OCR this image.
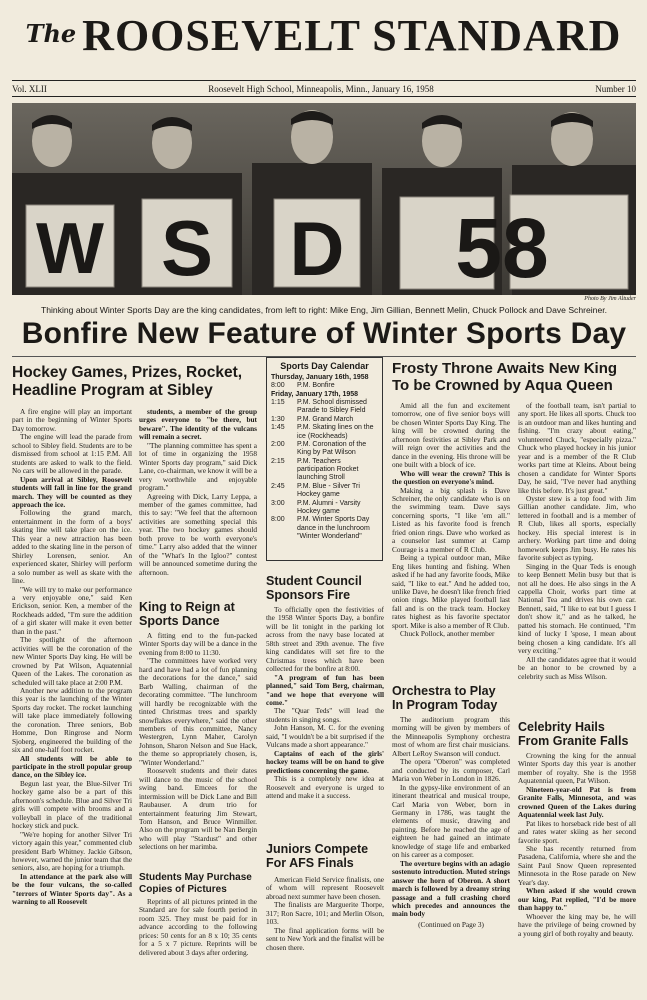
The ROOSEVELT STANDARD
Vol. XLII	Roosevelt High School, Minneapolis, Minn., January 16, 1958	Number 10
W S D 58
Photo By Jim Altuder
Thinking about Winter Sports Day are the king candidates, from left to right: Mike Eng, Jim Gillian, Bennett Melin, Chuck Pollock and Dave Schreiner.
Bonfire New Feature of Winter Sports Day
Hockey Games, Prizes, Rocket, Headline Program at Sibley

A fire engine will play an important part in the beginning of Winter Sports Day tomorrow.

The engine will lead the parade from school to Sibley field. Students are to be dismissed from school at 1:15 P.M. All students are asked to walk to the field. No cars will be allowed in the parade.

Upon arrival at Sibley, Roosevelt students will fall in line for the grand march. They will be counted as they approach the ice.

Following the grand march, entertainment in the form of a boys' skating line will take place on the ice. This year a new attraction has been added to the skating line in the person of Shirley Lorensen, senior. An experienced skater, Shirley will perform a solo number as well as skate with the line.

"We will try to make our performance a very enjoyable one," said Ken Erickson, senior. Ken, a member of the Rockheads added, "I'm sure the addition of a girl skater will make it even better than in the past."

The spotlight of the afternoon activities will be the coronation of the new Winter Sports Day king. He will be crowned by Pat Wilson, Aquatennial Queen of the Lakes. The coronation as scheduled will take place at 2:00 P.M.

Another new addition to the program this year is the launching of the Winter Sports day rocket. The rocket launching will take place immediately following the coronation. Three seniors, Bob Homme, Don Ringrose and Norm Sjoberg, engineered the building of the six and one-half foot rocket.

All students will be able to participate in the stroll popular group dance, on the Sibley ice.

Begun last year, the Blue-Silver Tri hockey game also be a part of this afternoon's schedule. Blue and Silver Tri girls will compete with brooms and a volleyball in place of the traditional hockey stick and puck.

"We're hoping for another Silver Tri victory again this year," commented club president Barb Whitney. Jackie Gibson, however, warned the junior team that the seniors, also, are hoping for a triumph.

In attendance at the park also will be the four vulcans, the so-called "terrors of Winter Sports day". As a warning to all Roosevelt

students, a member of the group urges everyone to "be there, but beware". The identity of the vulcans will remain a secret.

"The planning committee has spent a lot of time in organizing the 1958 Winter Sports day program," said Dick Lane, co-chairman, we know it will be a very worthwhile and enjoyable program."

Agreeing with Dick, Larry Leppa, a member of the games committee, had this to say: "We feel that the afternoon activities are something special this year. The two hockey games should both prove to be worth everyone's time." Larry also added that the winner of the "What's In the Igloo?" contest will be announced sometime during the afternoon.

King to Reign at Sports Dance

A fitting end to the fun-packed Winter Sports day will be a dance in the evening from 8:00 to 11:30.

"The committees have worked very hard and have had a lot of fun planning the decorations for the dance," said Barb Walling, chairman of the decorating committee. "The lunchroom will hardly be recognizable with the tinted Christmas trees and sparkly snowflakes everywhere," said the other members of this committee, Nancy Westergren, Lynn Maher, Carolyn Johnson, Sharon Nelson and Sue Hack, the theme so appropriately chosen, is, "Winter Wonderland."

Roosevelt students and their dates will dance to the music of the school swing band. Emcees for the intermission will be Dick Lane and Bill Raubauser. A drum trio for entertainment featuring Jim Stewart, Tom Hanson, and Bruce Winmiller. Also on the program will be Nan Bergin who will play "Stardust" and other selections on her marimba.

Students May Purchase Copies of Pictures

Reprints of all pictures printed in the Standard are for sale fourth period in room 325. They must be paid for in advance according to the following prices: 50 cents for an 8 x 10; 35 cents for a 5 x 7 picture. Reprints will be delivered about 3 days after ordering.

Sports Day Calendar
Thursday, January 16th, 1958
8:00	P.M. Bonfire
Friday, January 17th, 1958
1:15	P.M. School dismissed Parade to Sibley Field
1:30	P.M. Grand March
1:45	P.M. Skating lines on the ice (Rockheads)
2:00	P.M. Coronation of the King by Pat Wilson
2:15	P.M. Teachers participation Rocket launching Stroll
2:45	P.M. Blue - Silver Tri Hockey game
3:00	P.M. Alumni - Varsity Hockey game
8:00	P.M. Winter Sports Day dance in the lunchroom "Winter Wonderland"
Student Council Sponsors Fire

To officially open the festivities of the 1958 Winter Sports Day, a bonfire will be lit tonight in the parking lot across from the navy base located at 58th street and 39th avenue. The five king candidates will set fire to the Christmas trees which have been collected for the bonfire at 8:00.

"A program of fun has been planned," said Tom Berg, chairman, "and we hope that everyone will come."

The "Quar Teds" will lead the students in singing songs.

John Hanson, M. C. for the evening said, "I wouldn't be a bit surprised if the Vulcans made a short appearance."

Captains of each of the girls' hockey teams will be on hand to give predictions concerning the game.

This is a completely new idea at Roosevelt and everyone is urged to attend and make it a success.

Juniors Compete For AFS Finals

American Field Service finalists, one of whom will represent Roosevelt abroad next summer have been chosen.

The finalists are Marguerite Thorpe, 317; Ron Sacre, 101; and Merlin Olson, 103.

The final application forms will be sent to New York and the finalist will be chosen there.

Frosty Throne Awaits New King To be Crowned by Aqua Queen

Amid all the fun and excitement tomorrow, one of five senior boys will be chosen Winter Sports Day King. The king will be crowned during the afternoon festivities at Sibley Park and will reign over the activities and the dance in the evening. His throne will be one built with a block of ice.

Who will wear the crown? This is the question on everyone's mind.

Making a big splash is Dave Schreiner, the only candidate who is on the swimming team. Dave says concerning sports, "I like 'em all." Listed as his favorite food is french fried onion rings. Dave who worked as a counselor last summer at Camp Courage is a member of R Club.

Being a typical outdoor man, Mike Eng likes hunting and fishing. When asked if he had any favorite foods, Mike said, "I like to eat." And he added too, unlike Dave, he doesn't like french fried onion rings. Mike played football last fall and is on the track team. Hockey rates highest as his favorite spectator sport. Mike is also a member of R Club.

Chuck Pollock, another member

of the football team, isn't partial to any sport. He likes all sports. Chuck too is an outdoor man and likes hunting and fishing. "I'm crazy about eating," volunteered Chuck, "especially pizza." Chuck who played hockey in his junior year and is a member of the R Club works part time at Kleins. About being chosen a candidate for Winter Sports Day, he said, "I've never had anything like this before. It's just great."

Oyster stew is a top food with Jim Gillian another candidate. Jim, who lettered in football and is a member of R Club, likes all sports, especially hockey. His special interest is in archery. Working part time and doing homework keeps Jim busy. He rates his favorite subject as typing.

Singing in the Quar Teds is enough to keep Bennett Melin busy but that is not all he does. He also sings in the A cappella Choir, works part time at National Tea and drives his own car. Bennett, said, "I like to eat but I guess I don't show it," and as he talked, he patted his stomach. He continued, "I'm kind of lucky I 'spose, I mean about being chosen a king candidate. It's all very exciting."

All the candidates agree that it would be an honor to be crowned by a celebrity such as Miss Wilson.

Orchestra to Play In Program Today

The auditorium program this morning will be given by members of the Minneapolis Symphony orchestra most of whom are first chair musicians. Albert LeRoy Swanson will conduct.

The opera "Oberon" was completed and conducted by its composer, Carl Maria von Weber in London in 1826.

In the gypsy-like environment of an itinerant theatrical and musical troupe, Carl Maria von Weber, born in Germany in 1786, was taught the elements of music, drawing and painting. Before he reached the age of eighteen he had gained an intimate knowledge of stage life and embarked on his career as a composer.

The overture begins with an adagio sostenuto introduction. Muted strings answer the horn of Oberon. A short march is followed by a dreamy string passage and a full crashing chord which precedes and announces the main body

(Continued on Page 3)
Celebrity Hails From Granite Falls

Crowning the king for the annual Winter Sports day this year is another member of royalty. She is the 1958 Aquatennial queen, Pat Wilson.

Nineteen-year-old Pat is from Granite Falls, Minnesota, and was crowned Queen of the Lakes during Aquatennial week last July.

Pat likes to horseback ride best of all and rates water skiing as her second favorite sport.

She has recently returned from Pasadena, California, where she and the Saint Paul Snow Queen represented Minnesota in the Rose parade on New Year's day.

When asked if she would crown our king, Pat replied, "I'd be more than happy to."

Whoever the king may be, he will have the privilege of being crowned by a young girl of both royalty and beauty.
